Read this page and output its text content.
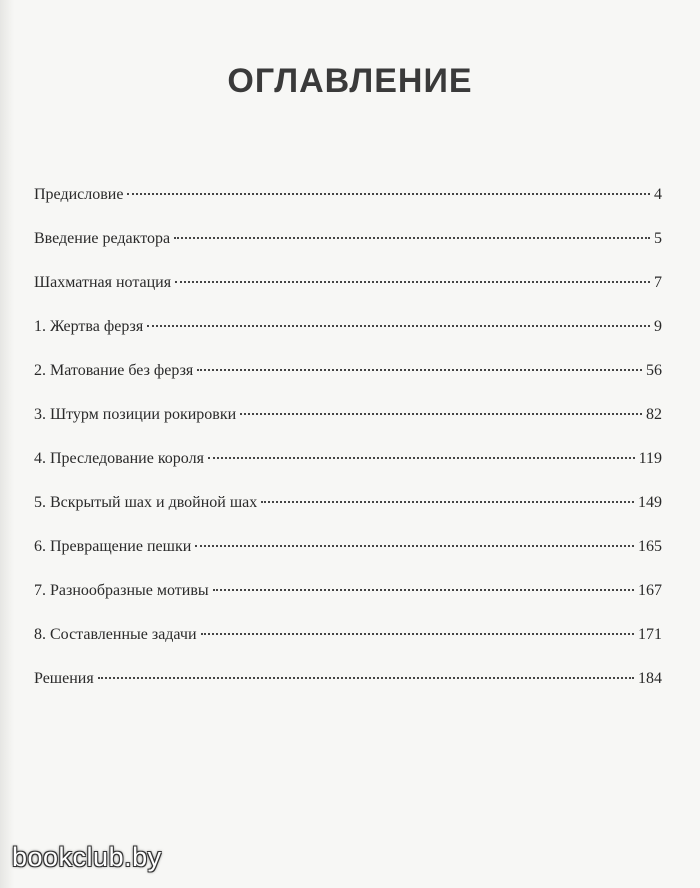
ОГЛАВЛЕНИЕ
Предисловие	4
Введение редактора	5
Шахматная нотация	7
1. Жертва ферзя	9
2. Матование без ферзя	56
3. Штурм позиции рокировки	82
4. Преследование короля	119
5. Вскрытый шах и двойной шах	149
6. Превращение пешки	165
7. Разнообразные мотивы	167
8. Составленные задачи	171
Решения	184
bookclub.by
